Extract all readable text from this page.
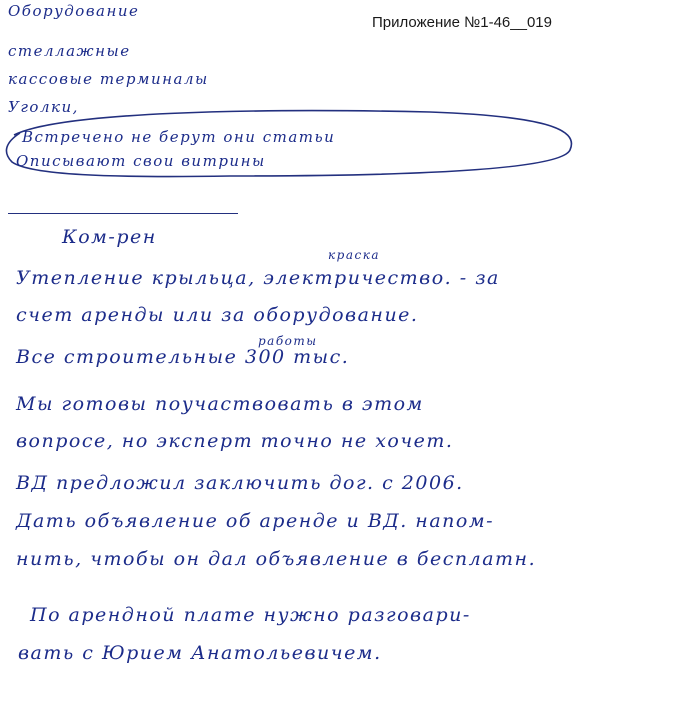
Приложение №1-46__019
Оборудование
стеллажные
кассовые терминалы
Уголки,
Встречено не берут они статьи
Описывают свои витрины
Ком-рен
краска
Утепление крыльца, электричество. - за
счет аренды или за оборудование.
работы
Все строительные 300 тыс.
Мы готовы поучаствовать в этом
вопросе, но эксперт точно не хочет.
ВД предложил заключить дог. с 2006.
Дать объявление об аренде и ВД. напом-
нить, чтобы он дал объявление в бесплатн.
По арендной плате нужно разговари-
вать с Юрием Анатольевичем.
